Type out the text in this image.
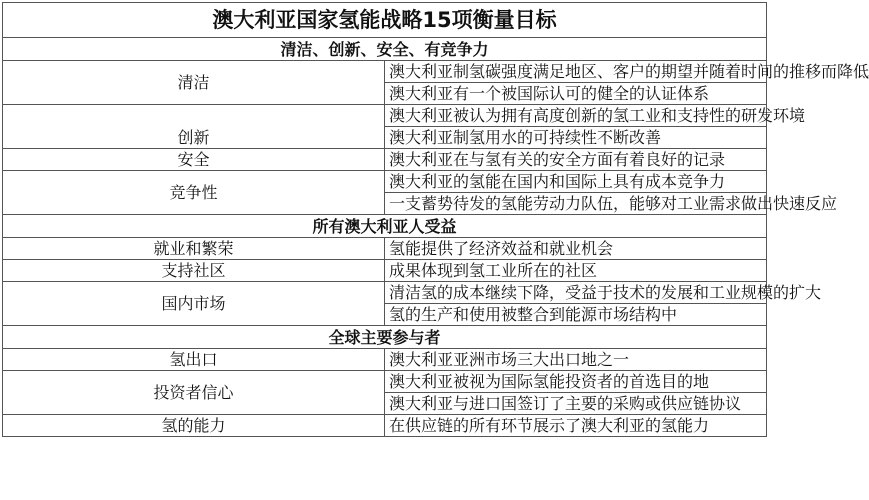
澳大利亚国家氢能战略15项衡量目标	
清洁、创新、安全、有竞争力	
清洁	澳大利亚制氢碳强度满足地区、客户的期望并随着时间的推移而降低
	澳大利亚有一个被国际认可的健全的认证体系
创新	澳大利亚被认为拥有高度创新的氢工业和支持性的研发环境
	澳大利亚制氢用水的可持续性不断改善
安全	澳大利亚在与氢有关的安全方面有着良好的记录
竞争性	澳大利亚的氢能在国内和国际上具有成本竞争力
	一支蓄势待发的氢能劳动力队伍，能够对工业需求做出快速反应
所有澳大利亚人受益	
就业和繁荣	氢能提供了经济效益和就业机会
支持社区	成果体现到氢工业所在的社区
国内市场	清洁氢的成本继续下降，受益于技术的发展和工业规模的扩大
	氢的生产和使用被整合到能源市场结构中
全球主要参与者	
氢出口	澳大利亚亚洲市场三大出口地之一
投资者信心	澳大利亚被视为国际氢能投资者的首选目的地
	澳大利亚与进口国签订了主要的采购或供应链协议
氢的能力	在供应链的所有环节展示了澳大利亚的氢能力
